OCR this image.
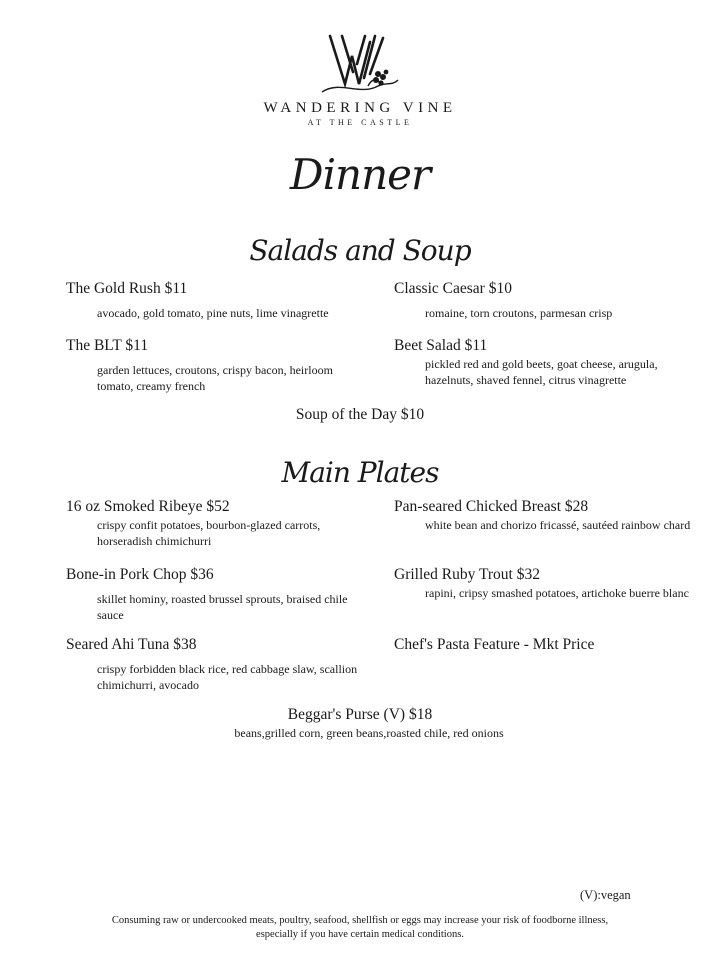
WANDERING VINE
AT THE CASTLE
Dinner
Salads and Soup
The Gold Rush $11
avocado, gold tomato, pine nuts, lime vinagrette
Classic Caesar $10
romaine, torn croutons, parmesan crisp
The BLT $11
garden lettuces, croutons, crispy bacon, heirloom tomato, creamy french
Beet Salad $11
pickled red and gold beets, goat cheese, arugula, hazelnuts, shaved fennel, citrus vinagrette
Soup of the Day $10
Main Plates
16 oz Smoked Ribeye $52
crispy confit potatoes, bourbon-glazed carrots, horseradish chimichurri
Pan-seared Chicked Breast $28
white bean and chorizo fricassé, sautéed rainbow chard
Bone-in Pork Chop $36
skillet hominy, roasted brussel sprouts, braised chile sauce
Grilled Ruby Trout $32
rapini, cripsy smashed potatoes, artichoke buerre blanc
Seared Ahi Tuna $38
crispy forbidden black rice, red cabbage slaw, scallion chimichurri, avocado
Chef's Pasta Feature - Mkt Price
Beggar's Purse (V) $18
beans,grilled corn, green beans,roasted chile, red onions
(V):vegan
Consuming raw or undercooked meats, poultry, seafood, shellfish or eggs may increase your risk of foodborne illness,
especially if you have certain medical conditions.
